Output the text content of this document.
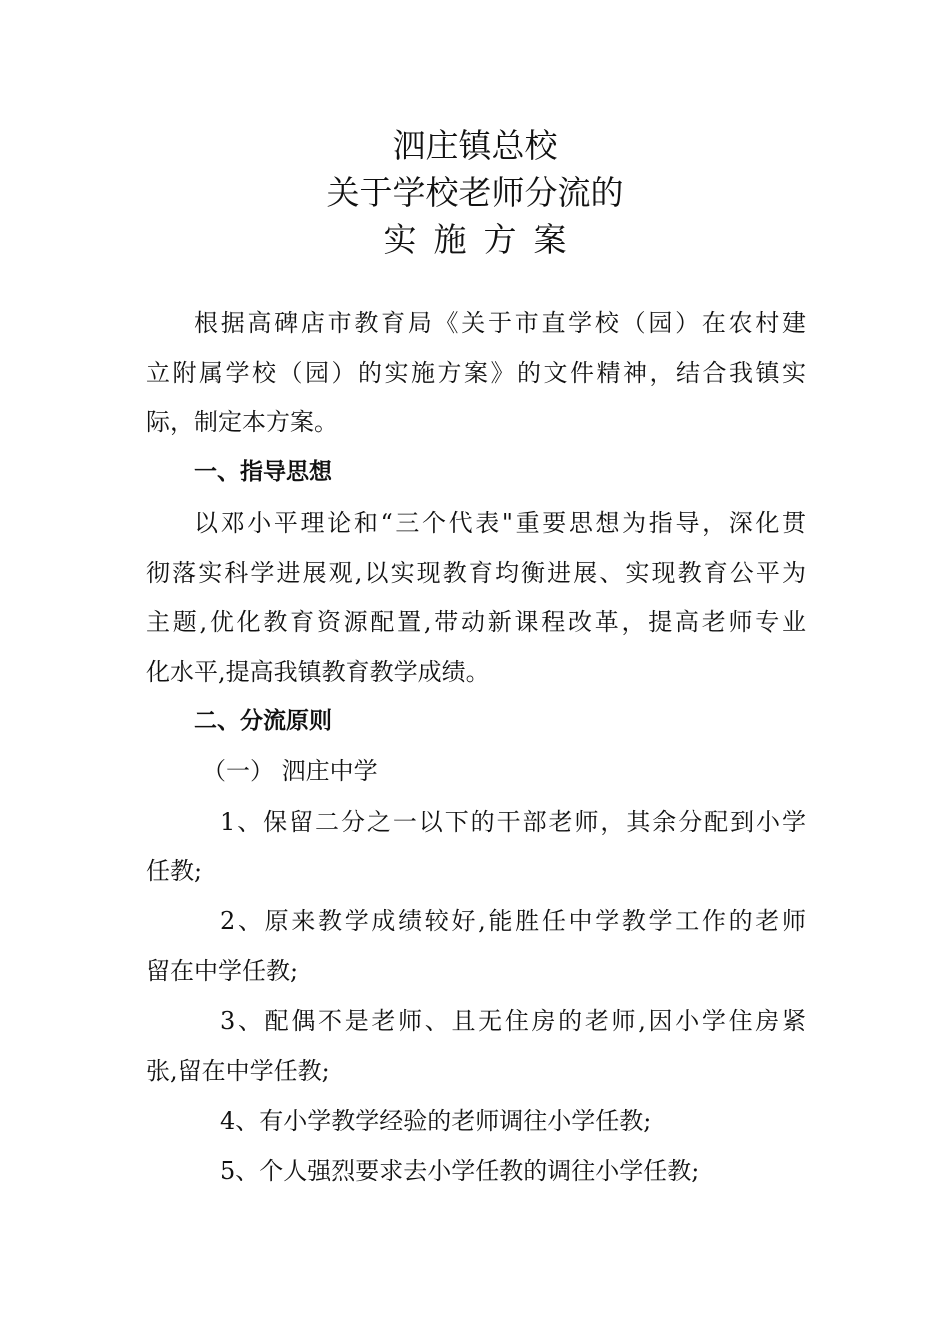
泗庄镇总校
关于学校老师分流的
实施方案
根据高碑店市教育局《关于市直学校（园）在农村建
立附属学校（园）的实施方案》的文件精神，结合我镇实
际，制定本方案。
一、指导思想
以邓小平理论和“三个代表"重要思想为指导，深化贯
彻落实科学进展观,以实现教育均衡进展、实现教育公平为
主题,优化教育资源配置,带动新课程改革，提高老师专业
化水平,提高我镇教育教学成绩。
二、分流原则
（一） 泗庄中学
1、保留二分之一以下的干部老师，其余分配到小学
任教;
2、原来教学成绩较好,能胜任中学教学工作的老师
留在中学任教;
3、配偶不是老师、且无住房的老师,因小学住房紧
张,留在中学任教;
4、有小学教学经验的老师调往小学任教;
5、个人强烈要求去小学任教的调往小学任教;
